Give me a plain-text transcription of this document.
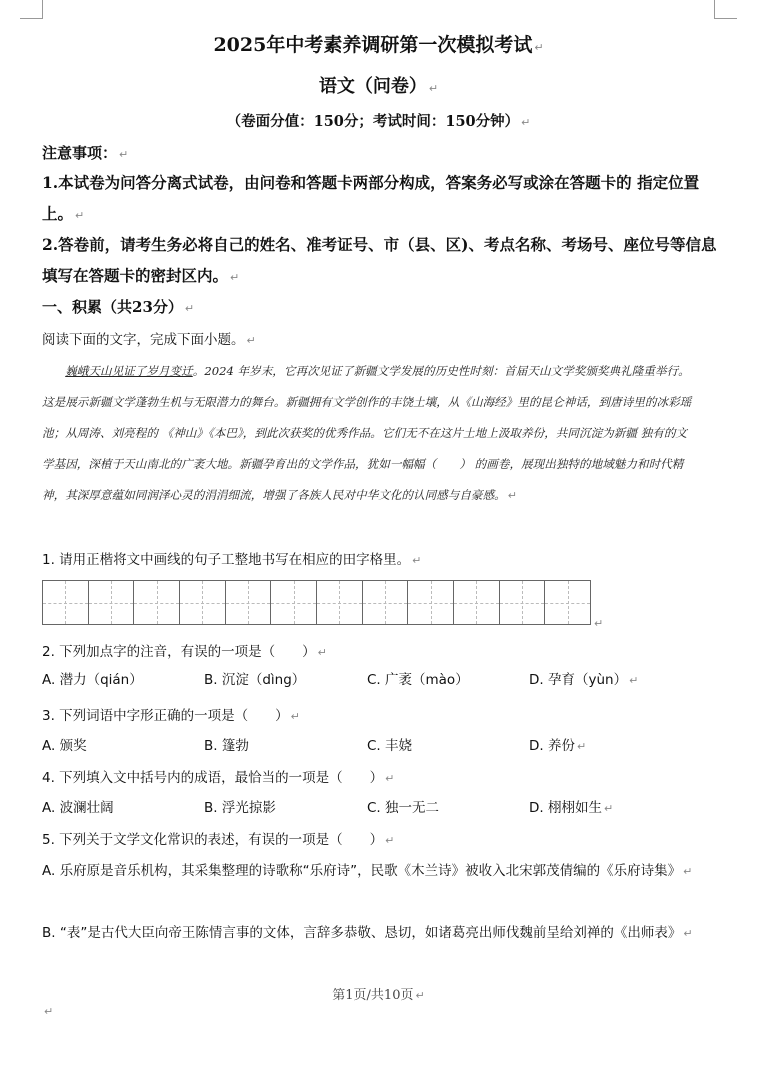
2025年中考素养调研第一次模拟考试 ↵
语文（问卷） ↵
（卷面分值：150分；考试时间：150分钟） ↵
注意事项： ↵
1.本试卷为问答分离式试卷，由问卷和答题卡两部分构成，答案务必写或涂在答题卡的 指定位置上。 ↵
2.答卷前，请考生务必将自己的姓名、准考证号、市（县、区)、考点名称、考场号、座位号等信息填写在答题卡的密封区内。 ↵
一、积累（共23分） ↵
阅读下面的文字，完成下面小题。 ↵
巍峨天山见证了岁月变迁。2024 年岁末，它再次见证了新疆文学发展的历史性时刻：首届天山文学奖颁奖典礼隆重举行。这是展示新疆文学蓬勃生机与无限潜力的舞台。新疆拥有文学创作的丰饶土壤，从《山海经》里的昆仑神话，到唐诗里的冰彩瑶池；从周涛、刘亮程的 《神山》《本巴》，到此次获奖的优秀作品。它们无不在这片土地上汲取养份，共同沉淀为新疆 独有的文学基因，深植于天山南北的广袤大地。新疆孕育出的文学作品，犹如一幅幅（　　） 的画卷，展现出独特的地域魅力和时代精神，其深厚意蕴如同润泽心灵的涓涓细流，增强了各族人民对中华文化的认同感与自豪感。 ↵
1. 请用正楷将文中画线的句子工整地书写在相应的田字格里。 ↵
↵
2. 下列加点字的注音，有误的一项是（　　） ↵
A. 潜力（qián）	B. 沉淀（dìng）	C. 广袤（mào）	D. 孕育（yùn） ↵
3. 下列词语中字形正确的一项是（　　） ↵
A. 颁奖	B. 篷勃	C. 丰娆	D. 养份 ↵
4. 下列填入文中括号内的成语，最恰当的一项是（　　） ↵
A. 波澜壮阔	B. 浮光掠影	C. 独一无二	D. 栩栩如生 ↵
5. 下列关于文学文化常识的表述，有误的一项是（　　） ↵
A. 乐府原是音乐机构，其采集整理的诗歌称“乐府诗”，民歌《木兰诗》被收入北宋郭茂倩编的《乐府诗集》 ↵
B. “表”是古代大臣向帝王陈情言事的文体，言辞多恭敬、恳切，如诸葛亮出师伐魏前呈给刘禅的《出师表》 ↵
第1页/共10页 ↵
↵
